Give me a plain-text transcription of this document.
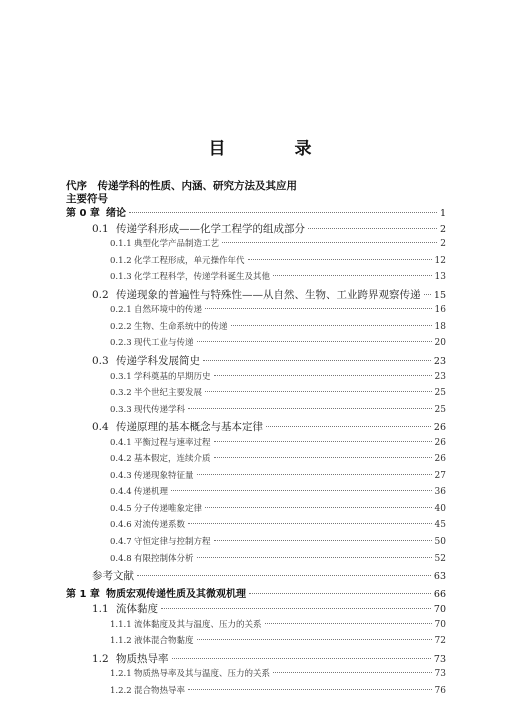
目　录
代序　传递学科的性质、内涵、研究方法及其应用
主要符号
第 0 章 绪论	1
0.1 传递学科形成——化学工程学的组成部分	2
0.1.1 典型化学产品制造工艺	2
0.1.2 化学工程形成，单元操作年代	12
0.1.3 化学工程科学，传递学科诞生及其他	13
0.2 传递现象的普遍性与特殊性——从自然、生物、工业跨界观察传递 15
0.2.1 自然环境中的传递	16
0.2.2 生物、生命系统中的传递	18
0.2.3 现代工业与传递	20
0.3 传递学科发展简史	23
0.3.1 学科奠基的早期历史	23
0.3.2 半个世纪主要发展	25
0.3.3 现代传递学科	25
0.4 传递原理的基本概念与基本定律	26
0.4.1 平衡过程与速率过程	26
0.4.2 基本假定，连续介质	26
0.4.3 传递现象特征量	27
0.4.4 传递机理	36
0.4.5 分子传递唯象定律	40
0.4.6 对流传递系数	45
0.4.7 守恒定律与控制方程	50
0.4.8 有限控制体分析	52
参考文献	63
第 1 章 物质宏观传递性质及其微观机理	66
1.1 流体黏度	70
1.1.1 流体黏度及其与温度、压力的关系	70
1.1.2 液体混合物黏度	72
1.2 物质热导率	73
1.2.1 物质热导率及其与温度、压力的关系	73
1.2.2 混合物热导率	76
